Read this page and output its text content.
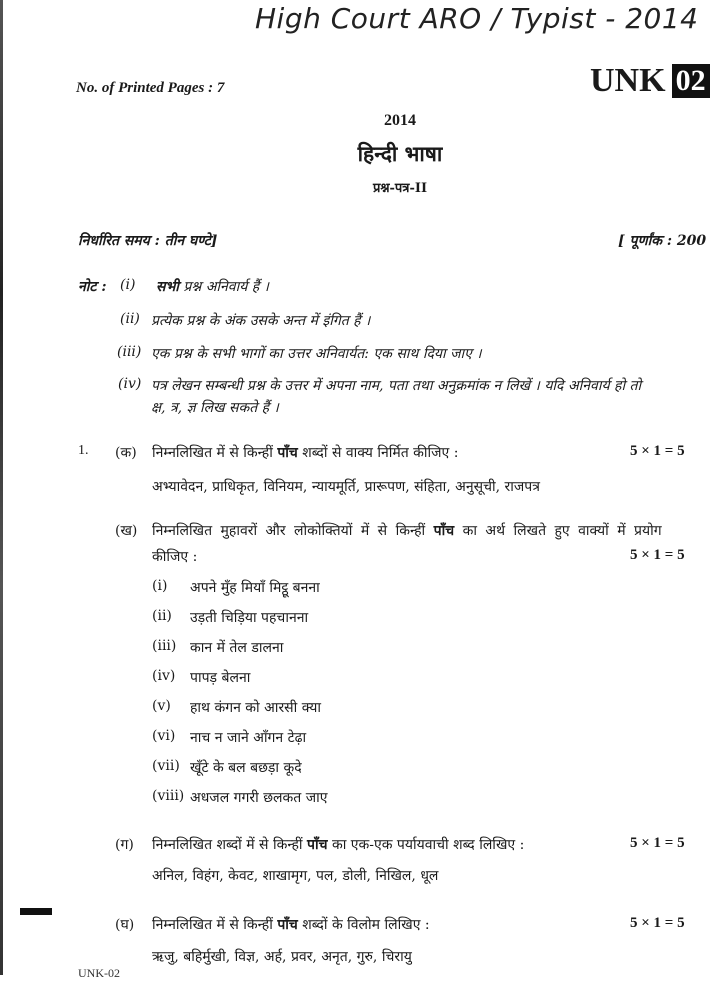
High Court ARO / Typist - 2014
No. of Printed Pages : 7	UNK 02
2014
हिन्दी भाषा
प्रश्न-पत्र-II
निर्धारित समय : तीन घण्टे]	[ पूर्णांक : 200
नोट : (i) सभी प्रश्न अनिवार्य हैं ।
(ii) प्रत्येक प्रश्न के अंक उसके अन्त में इंगित हैं ।
(iii) एक प्रश्न के सभी भागों का उत्तर अनिवार्यत: एक साथ दिया जाए ।
(iv) पत्र लेखन सम्बन्धी प्रश्न के उत्तर में अपना नाम, पता तथा अनुक्रमांक न लिखें । यदि अनिवार्य हो तो
क्ष, त्र, ज्ञ लिख सकते हैं ।
1. (क) निम्नलिखित में से किन्हीं पाँच शब्दों से वाक्य निर्मित कीजिए :	5 × 1 = 5
अभ्यावेदन, प्राधिकृत, विनियम, न्यायमूर्ति, प्रारूपण, संहिता, अनुसूची, राजपत्र
(ख) निम्नलिखित मुहावरों और लोकोक्तियों में से किन्हीं पाँच का अर्थ लिखते हुए वाक्यों में प्रयोग
कीजिए :	5 × 1 = 5
(i) अपने मुँह मियाँ मिट्ठू बनना
(ii) उड़ती चिड़िया पहचानना
(iii) कान में तेल डालना
(iv) पापड़ बेलना
(v) हाथ कंगन को आरसी क्या
(vi) नाच न जाने आँगन टेढ़ा
(vii) खूँटे के बल बछड़ा कूदे
(viii) अधजल गगरी छलकत जाए
(ग) निम्नलिखित शब्दों में से किन्हीं पाँच का एक-एक पर्यायवाची शब्द लिखिए :	5 × 1 = 5
अनिल, विहंग, केवट, शाखामृग, पल, डोली, निखिल, धूल
(घ) निम्नलिखित में से किन्हीं पाँच शब्दों के विलोम लिखिए :	5 × 1 = 5
ऋजु, बहिर्मुखी, विज्ञ, अर्ह, प्रवर, अनृत, गुरु, चिरायु
UNK-02
